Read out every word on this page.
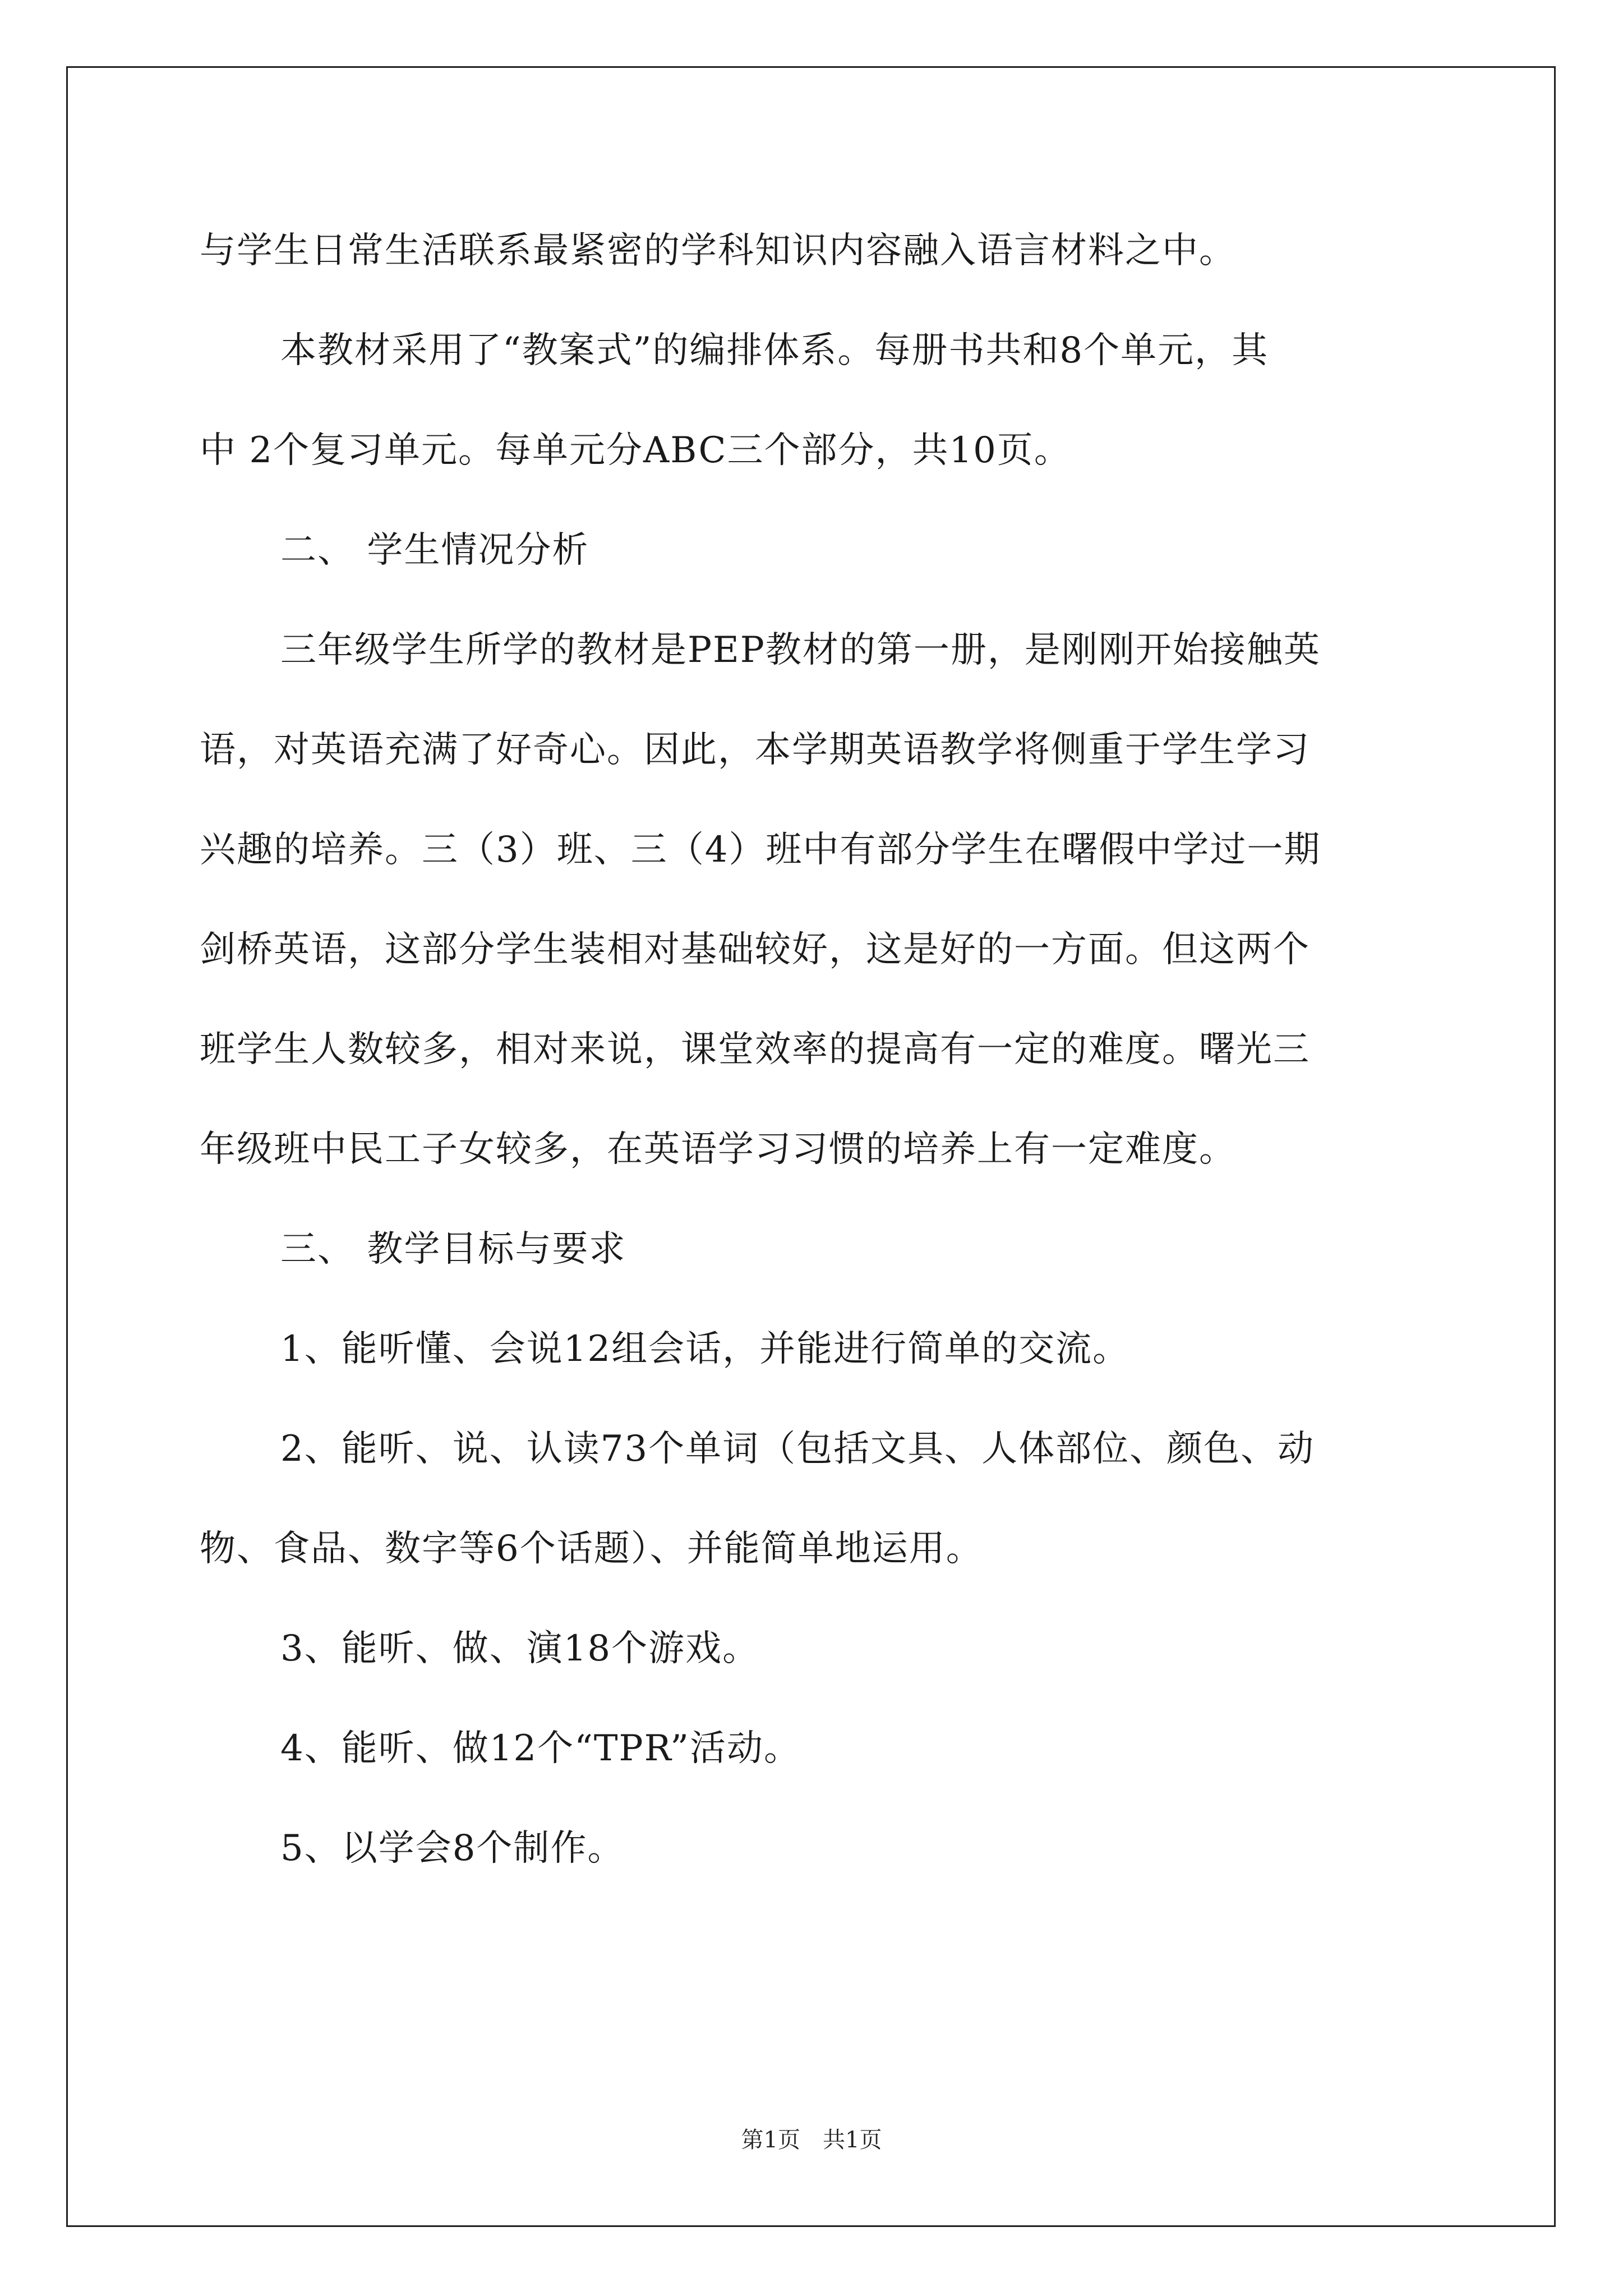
与学生日常生活联系最紧密的学科知识内容融入语言材料之中。
本教材采用了“教案式”的编排体系。每册书共和8个单元，其
中 2个复习单元。每单元分ABC三个部分，共10页。
二、 学生情况分析
三年级学生所学的教材是PEP教材的第一册，是刚刚开始接触英
语，对英语充满了好奇心。因此，本学期英语教学将侧重于学生学习
兴趣的培养。三（3）班、三（4）班中有部分学生在曙假中学过一期
剑桥英语，这部分学生装相对基础较好，这是好的一方面。但这两个
班学生人数较多，相对来说，课堂效率的提高有一定的难度。曙光三
年级班中民工子女较多，在英语学习习惯的培养上有一定难度。
三、 教学目标与要求
1、能听懂、会说12组会话，并能进行简单的交流。
2、能听、说、认读73个单词（包括文具、人体部位、颜色、动
物、食品、数字等6个话题）、并能简单地运用。
3、能听、做、演18个游戏。
4、能听、做12个“TPR”活动。
5、以学会8个制作。
第1页　共1页
